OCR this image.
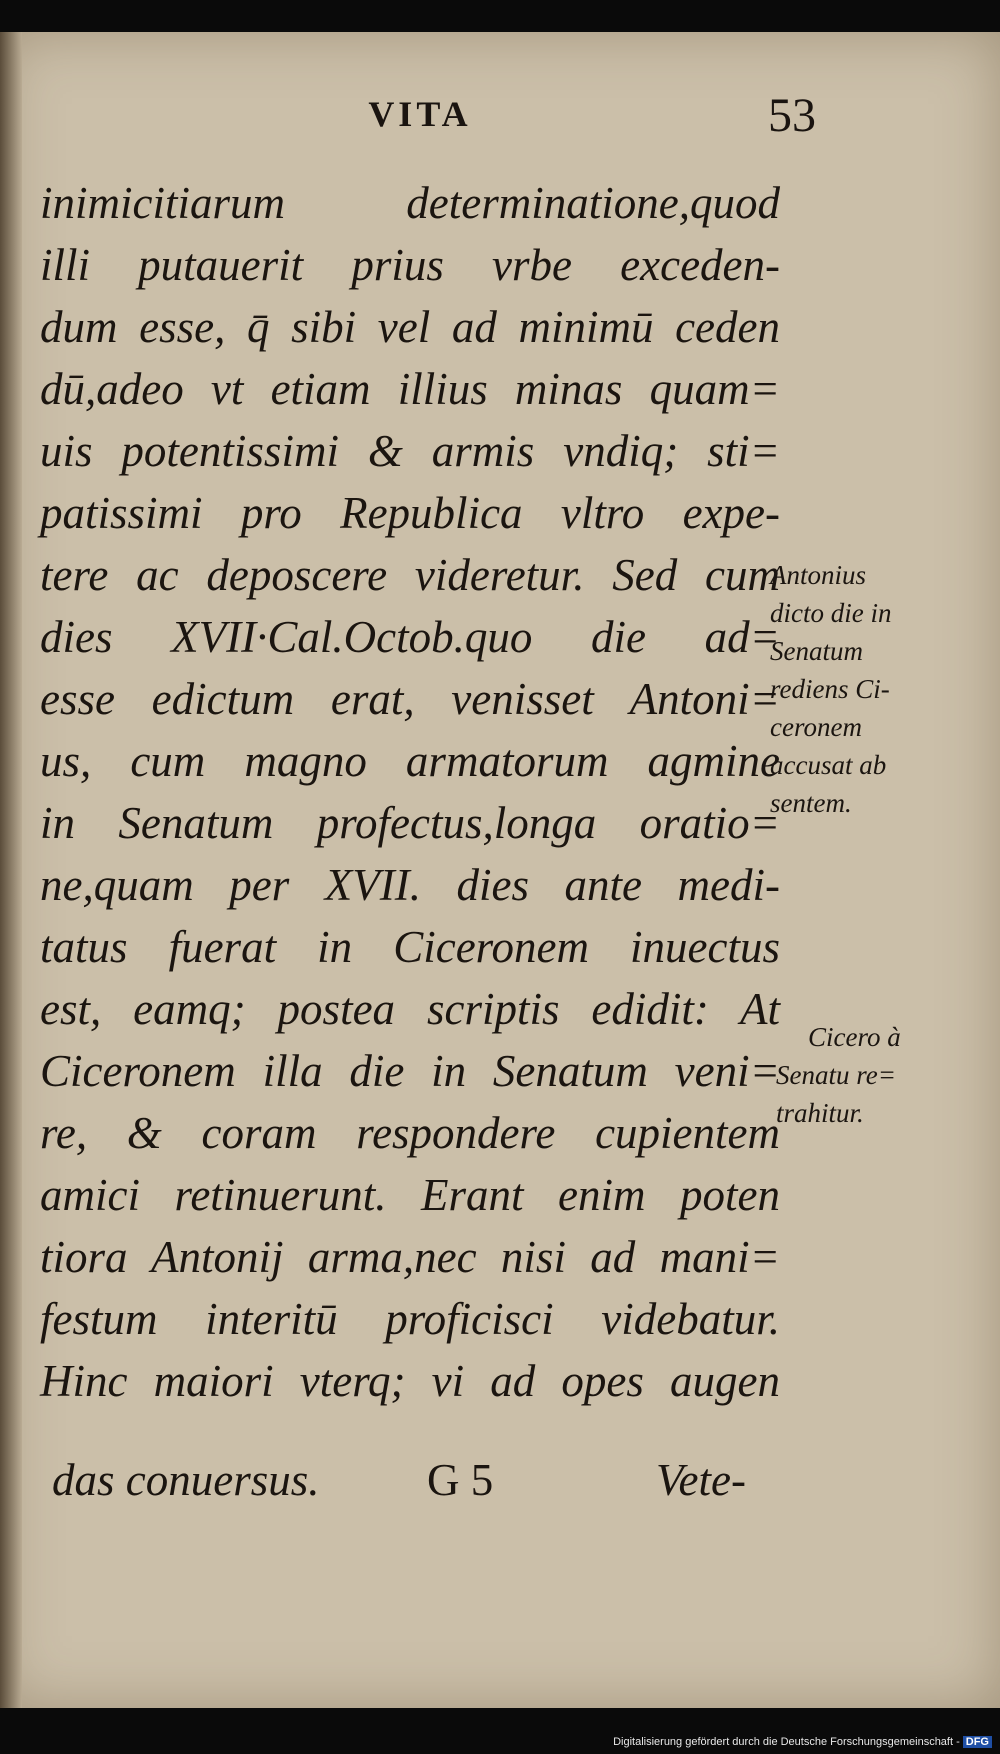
VITA	53
inimicitiarum determinatione,quod
illi putauerit prius vrbe exceden-
dum esse, q̄ sibi vel ad minimū ceden
dū,adeo vt etiam illius minas quam=
uis potentissimi & armis vndiq; sti=
patissimi pro Republica vltro expe-
tere ac deposcere videretur. Sed cum
dies XVII·Cal.Octob.quo die ad=
esse edictum erat, venisset Antoni=
us, cum magno armatorum agmine
in Senatum profectus,longa oratio=
ne,quam per XVII. dies ante medi-
tatus fuerat in Ciceronem inuectus
est, eamq; postea scriptis edidit: At
Ciceronem illa die in Senatum veni=
re, & coram respondere cupientem
amici retinuerunt. Erant enim poten
tiora Antonij arma,nec nisi ad mani=
festum interitū proficisci videbatur.
Hinc maiori vterq; vi ad opes augen
das conuersus. G 5	Vete-
Antonius
dicto die in
Senatum
rediens Ci-
ceronem
accusat ab
sentem.
Cicero à
Senatu re=
trahitur.
Digitalisierung gefördert durch die Deutsche Forschungsgemeinschaft - DFG
